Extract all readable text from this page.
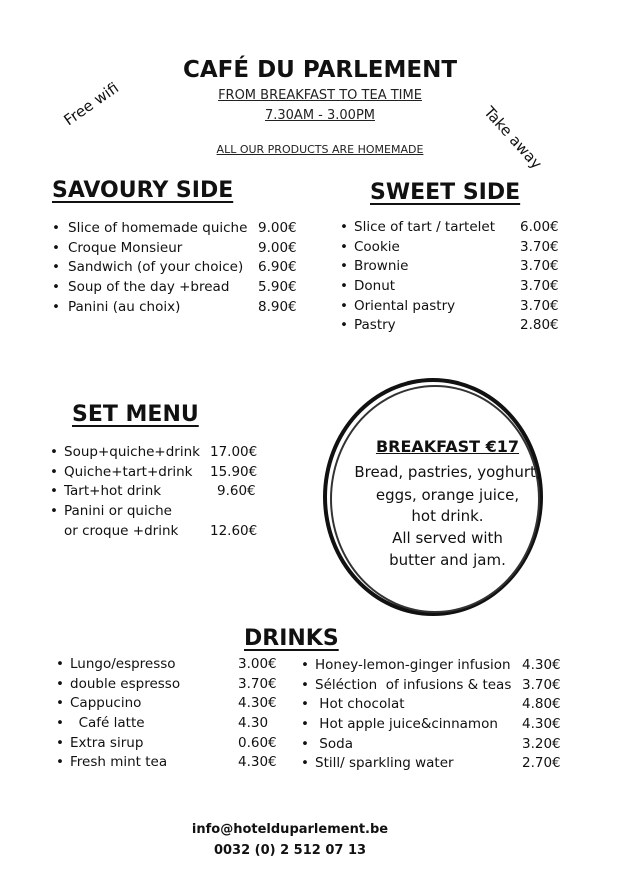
CAFÉ DU PARLEMENT
FROM BREAKFAST TO TEA TIME
7.30AM - 3.00PM
ALL OUR PRODUCTS ARE HOMEMADE
Free wifi	Take away
SAVOURY SIDE
• Slice of homemade quiche 9.00€
• Croque Monsieur	9.00€
• Sandwich (of your choice) 6.90€
• Soup of the day +bread 5.90€
• Panini (au choix)	8.90€
SWEET SIDE
• Slice of tart / tartelet 6.00€
• Cookie	3.70€
• Brownie	3.70€
• Donut	3.70€
• Oriental pastry	3.70€
• Pastry	2.80€
SET MENU
• Soup+quiche+drink 17.00€
• Quiche+tart+drink 15.90€
• Tart+hot drink	9.60€
• Panini or quiche
or croque +drink 12.60€
BREAKFAST €17
Bread, pastries, yoghurt,
eggs, orange juice,
hot drink.
All served with
butter and jam.
DRINKS
• Lungo/espresso	3.00€
• double espresso	3.70€
• Cappucino	4.30€
• Café latte	4.30
• Extra sirup	0.60€
• Fresh mint tea	4.30€
• Honey-lemon-ginger infusion 4.30€
• Séléction  of infusions & teas 3.70€
• Hot chocolat	4.80€
• Hot apple juice&cinnamon 4.30€
• Soda	3.20€
• Still/ sparkling water	2.70€
info@hotelduparlement.be
0032 (0) 2 512 07 13
